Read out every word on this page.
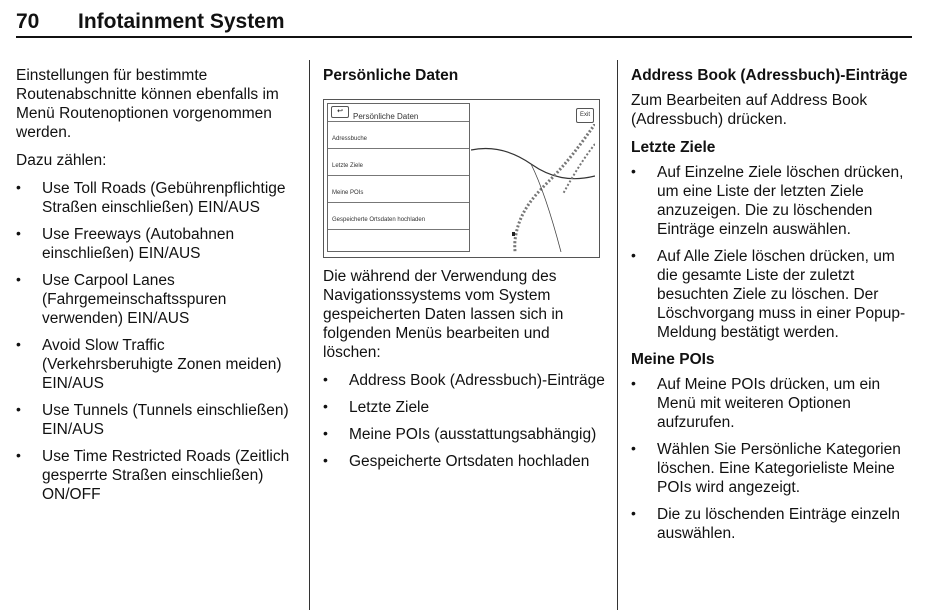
70 Infotainment System

Einstellungen für bestimmte Routenabschnitte können ebenfalls im Menü Routenoptionen vorgenommen werden.

Dazu zählen:

• Use Toll Roads (Gebührenpflichtige Straßen einschließen) EIN/AUS
• Use Freeways (Autobahnen einschließen) EIN/AUS
• Use Carpool Lanes (Fahrgemeinschaftsspuren verwenden) EIN/AUS
• Avoid Slow Traffic (Verkehrsberuhigte Zonen meiden) EIN/AUS
• Use Tunnels (Tunnels einschließen) EIN/AUS
• Use Time Restricted Roads (Zeitlich gesperrte Straßen einschließen) ON/OFF
Persönliche Daten
↩
Persönliche Daten
Adressbuche
Letzte Ziele
Meine POIs
Gespeicherte Ortsdaten hochladen
Exit

Die während der Verwendung des Navigationssystems vom System gespeicherten Daten lassen sich in folgenden Menüs bearbeiten und löschen:

• Address Book (Adressbuch)-Einträge
• Letzte Ziele
• Meine POIs (ausstattungsabhängig)
• Gespeicherte Ortsdaten hochladen
Address Book (Adressbuch)-Einträge

Zum Bearbeiten auf Address Book (Adressbuch) drücken.

Letzte Ziele
• Auf Einzelne Ziele löschen drücken, um eine Liste der letzten Ziele anzuzeigen. Die zu löschenden Einträge einzeln auswählen.
• Auf Alle Ziele löschen drücken, um die gesamte Liste der zuletzt besuchten Ziele zu löschen. Der Löschvorgang muss in einer Popup-Meldung bestätigt werden.
Meine POIs
• Auf Meine POIs drücken, um ein Menü mit weiteren Optionen aufzurufen.
• Wählen Sie Persönliche Kategorien löschen. Eine Kategorieliste Meine POIs wird angezeigt.
• Die zu löschenden Einträge einzeln auswählen.
